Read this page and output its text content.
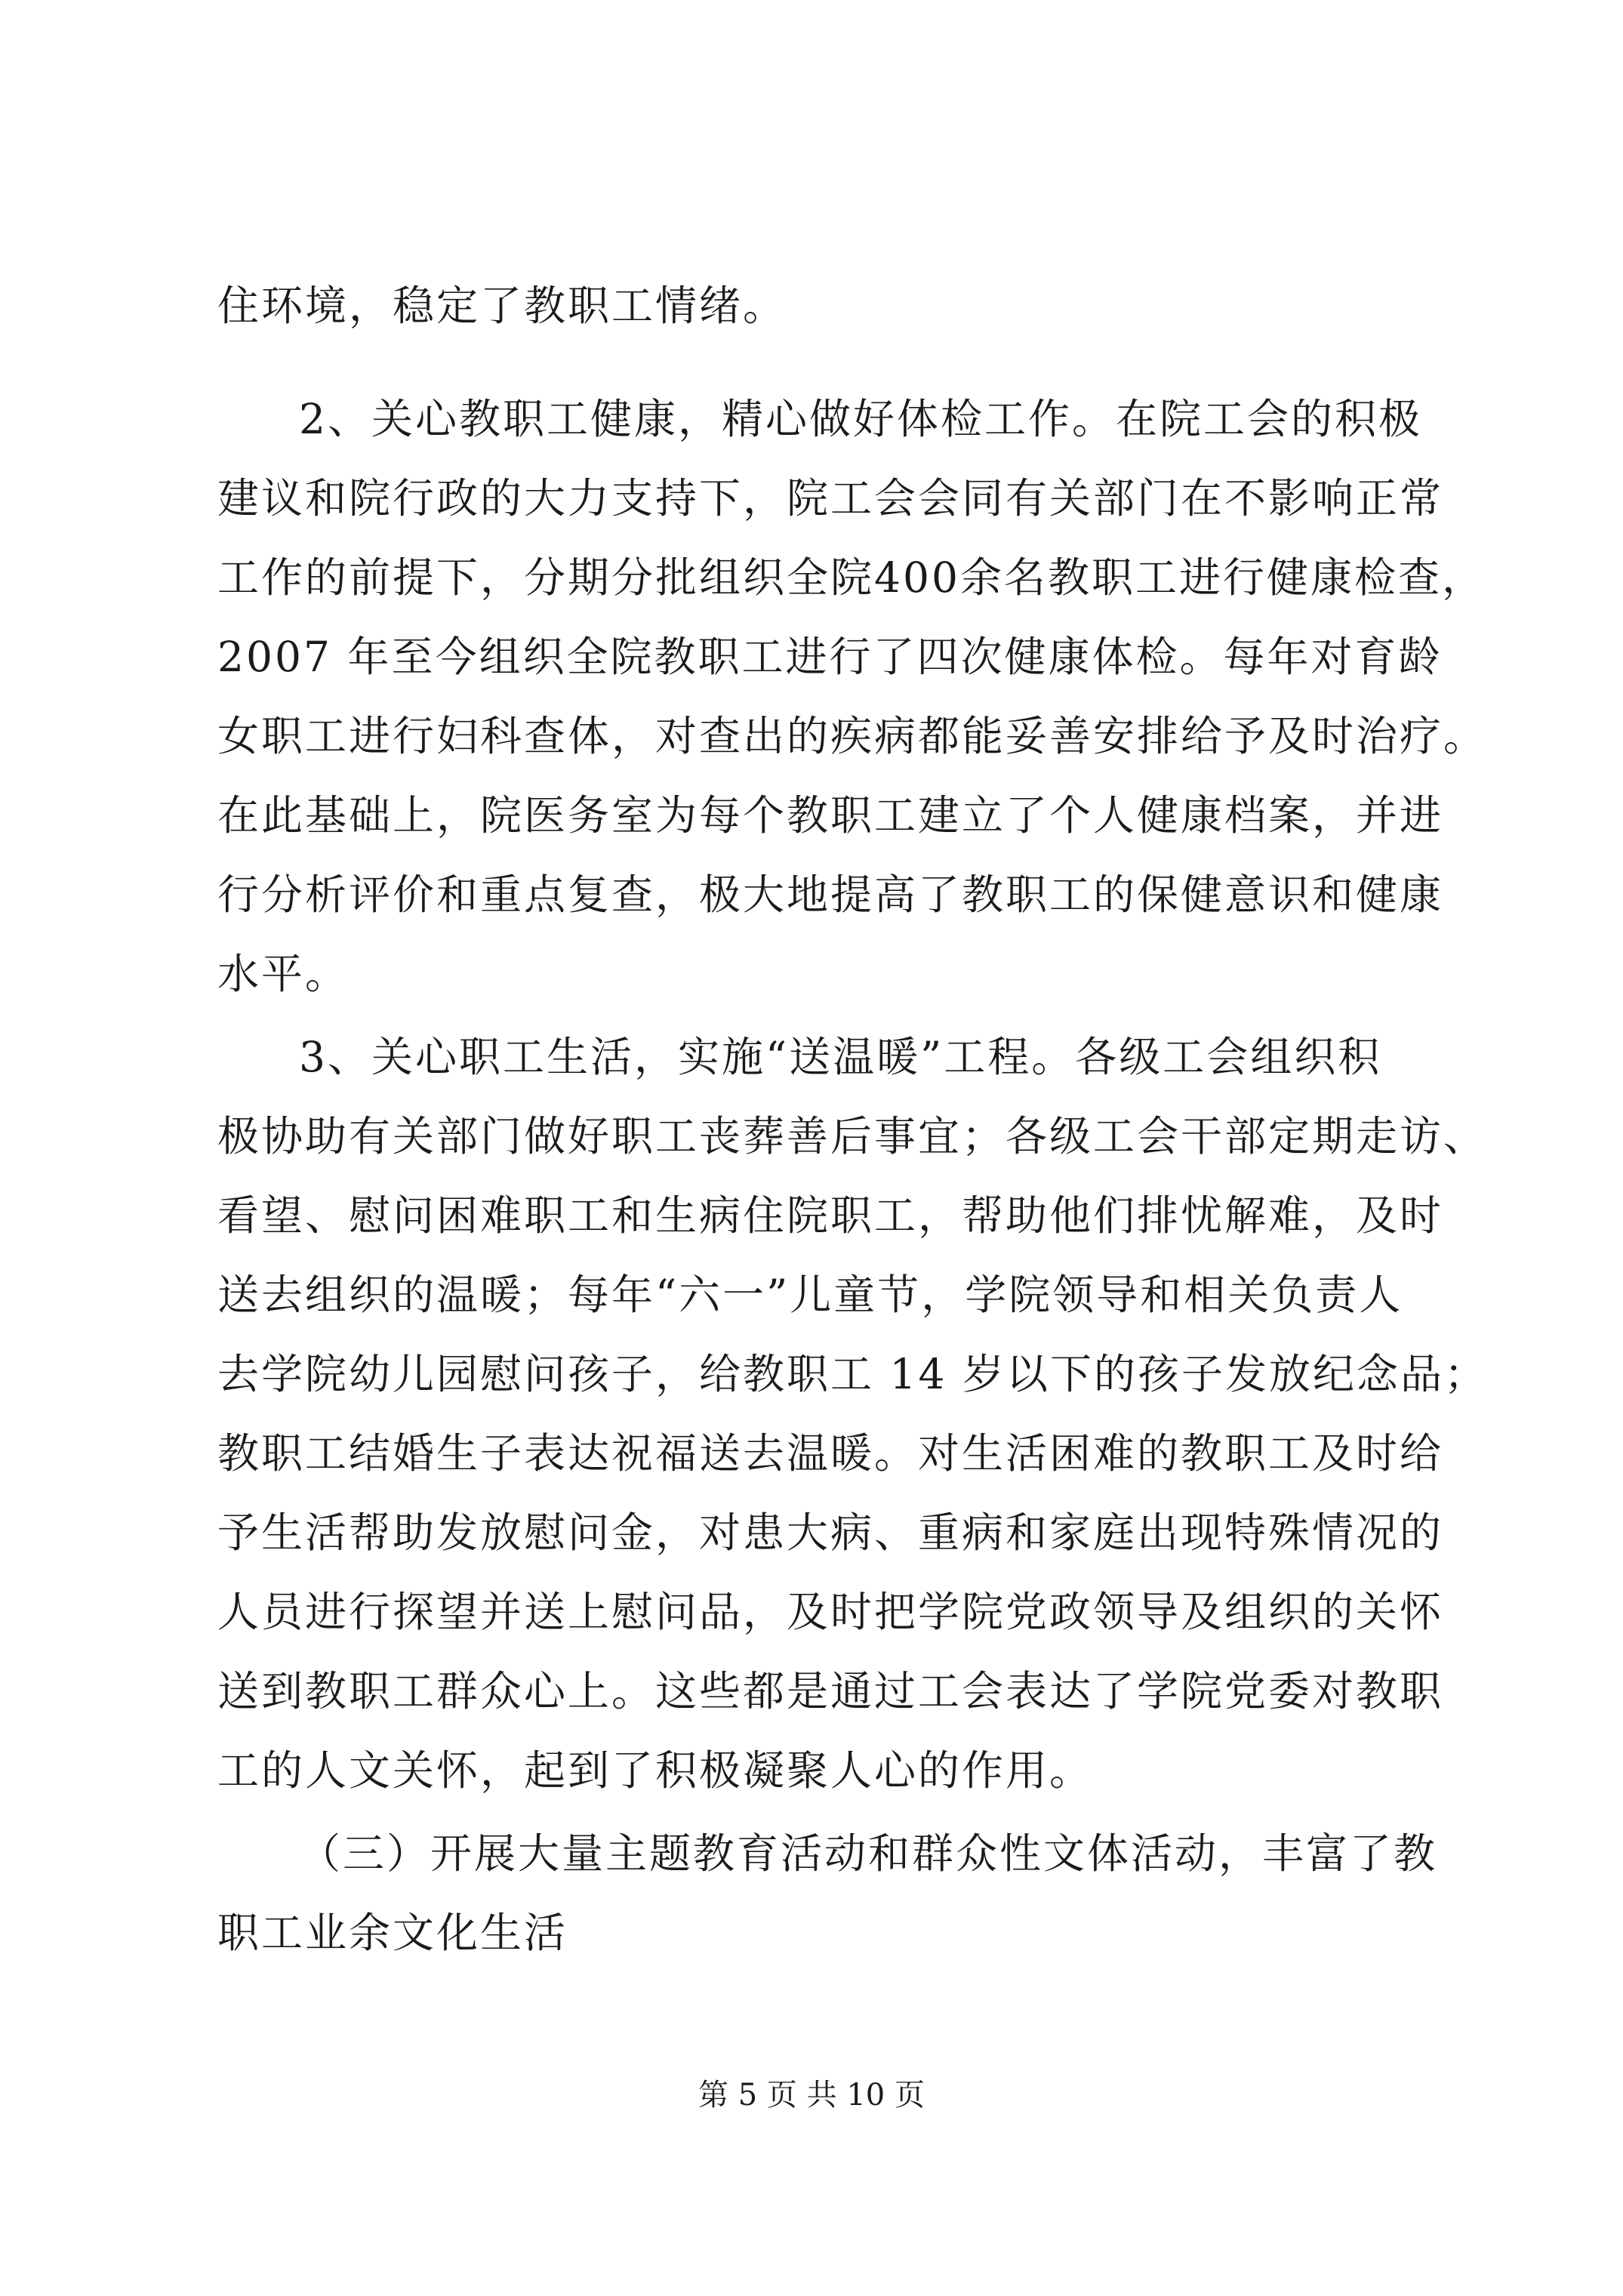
住环境，稳定了教职工情绪。
2、关心教职工健康，精心做好体检工作。在院工会的积极
建议和院行政的大力支持下，院工会会同有关部门在不影响正常
工作的前提下，分期分批组织全院400余名教职工进行健康检查，
2007 年至今组织全院教职工进行了四次健康体检。每年对育龄
女职工进行妇科查体，对查出的疾病都能妥善安排给予及时治疗。
在此基础上，院医务室为每个教职工建立了个人健康档案，并进
行分析评价和重点复查，极大地提高了教职工的保健意识和健康
水平。
3、关心职工生活，实施“送温暖”工程。各级工会组织积
极协助有关部门做好职工丧葬善后事宜；各级工会干部定期走访、
看望、慰问困难职工和生病住院职工，帮助他们排忧解难，及时
送去组织的温暖；每年“六一”儿童节，学院领导和相关负责人
去学院幼儿园慰问孩子，给教职工 14 岁以下的孩子发放纪念品；
教职工结婚生子表达祝福送去温暖。对生活困难的教职工及时给
予生活帮助发放慰问金，对患大病、重病和家庭出现特殊情况的
人员进行探望并送上慰问品，及时把学院党政领导及组织的关怀
送到教职工群众心上。这些都是通过工会表达了学院党委对教职
工的人文关怀，起到了积极凝聚人心的作用。
（三）开展大量主题教育活动和群众性文体活动，丰富了教
职工业余文化生活
第 5 页 共 10 页
